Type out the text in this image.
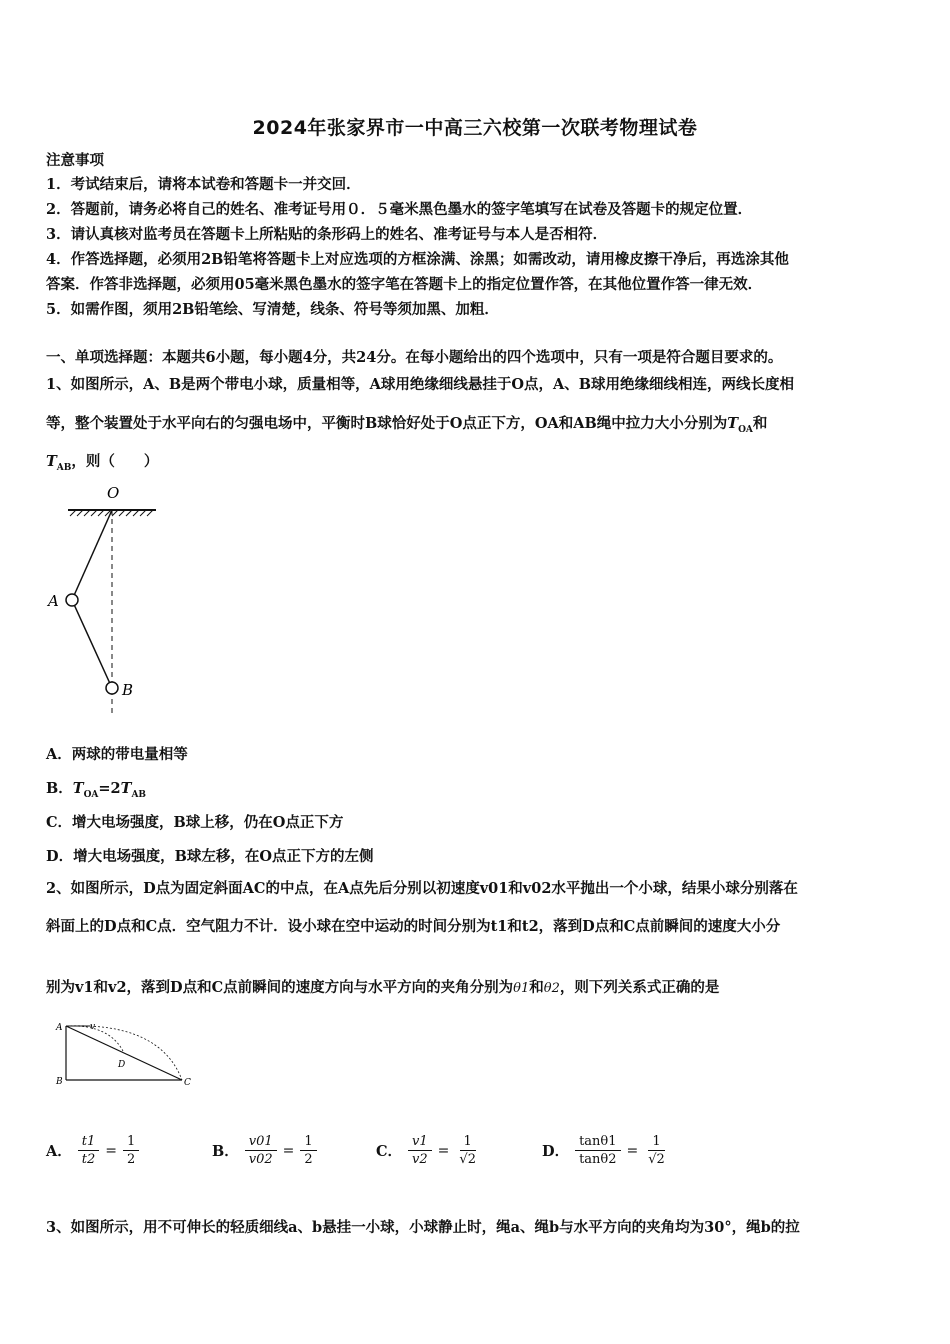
2024年张家界市一中高三六校第一次联考物理试卷
注意事项
1．考试结束后，请将本试卷和答题卡一并交回．
2．答题前，请务必将自己的姓名、准考证号用０．５毫米黑色墨水的签字笔填写在试卷及答题卡的规定位置．
3．请认真核对监考员在答题卡上所粘贴的条形码上的姓名、准考证号与本人是否相符．
4．作答选择题，必须用2B铅笔将答题卡上对应选项的方框涂满、涂黑；如需改动，请用橡皮擦干净后，再选涂其他
答案．作答非选择题，必须用05毫米黑色墨水的签字笔在答题卡上的指定位置作答，在其他位置作答一律无效．
5．如需作图，须用2B铅笔绘、写清楚，线条、符号等须加黑、加粗．
一、单项选择题：本题共6小题，每小题4分，共24分。在每小题给出的四个选项中，只有一项是符合题目要求的。
1、如图所示，A、B是两个带电小球，质量相等，A球用绝缘细线悬挂于O点，A、B球用绝缘细线相连，两线长度相
等，整个装置处于水平向右的匀强电场中，平衡时B球恰好处于O点正下方，OA和AB绳中拉力大小分别为$T_{OA}$和
$T_{AB}$，则（　　）
O
A
B
A．两球的带电量相等
B．$T_{OA}=2T_{AB}$
C．增大电场强度，B球上移，仍在O点正下方
D．增大电场强度，B球左移，在O点正下方的左侧
2、如图所示，D点为固定斜面AC的中点，在A点先后分别以初速度v01和v02水平抛出一个小球，结果小球分别落在
斜面上的D点和C点．空气阻力不计．设小球在空中运动的时间分别为t1和t2，落到D点和C点前瞬间的速度大小分
别为v1和v2，落到D点和C点前瞬间的速度方向与水平方向的夹角分别为θ1和θ2，则下列关系式正确的是
A
B	C
D
v
A． $\frac{t1}{t2} = \frac{1}{2}$	B． $\frac{v01}{v02} = \frac{1}{2}$	C． $\frac{v1}{v2} = \frac{1}{√2}$	D． $\frac{\tan\theta 1}{\tan\theta 2} = \frac{1}{√2}$
3、如图所示，用不可伸长的轻质细线a、b悬挂一小球，小球静止时，绳a、绳b与水平方向的夹角均为30°，绳b的拉
